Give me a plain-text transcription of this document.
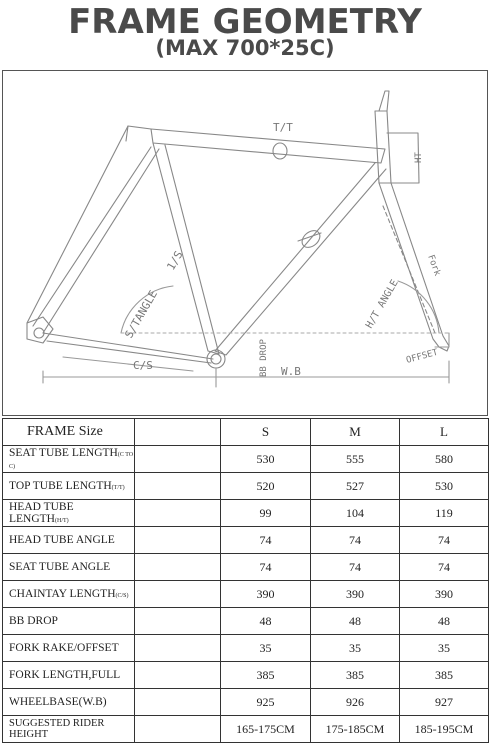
FRAME GEOMETRY
(MAX 700*25C)
T/T
HT
Fork
S/TANGLE
1/S
H/T ANGLE
C/S	BB DROP W.B
OFFSET
FRAME Size		S	M	L
SEAT TUBE LENGTH(C TO C)		530	555	580
TOP TUBE LENGTH(T/T)		520	527	530
HEAD TUBE LENGTH(H/T)		99	104	119
HEAD TUBE ANGLE		74	74	74
SEAT TUBE ANGLE		74	74	74
CHAINTAY LENGTH(C/S)		390	390	390
BB DROP		48	48	48
FORK RAKE/OFFSET		35	35	35
FORK LENGTH,FULL		385	385	385
WHEELBASE(W.B)		925	926	927
SUGGESTED RIDER HEIGHT		165-175CM	175-185CM	185-195CM
